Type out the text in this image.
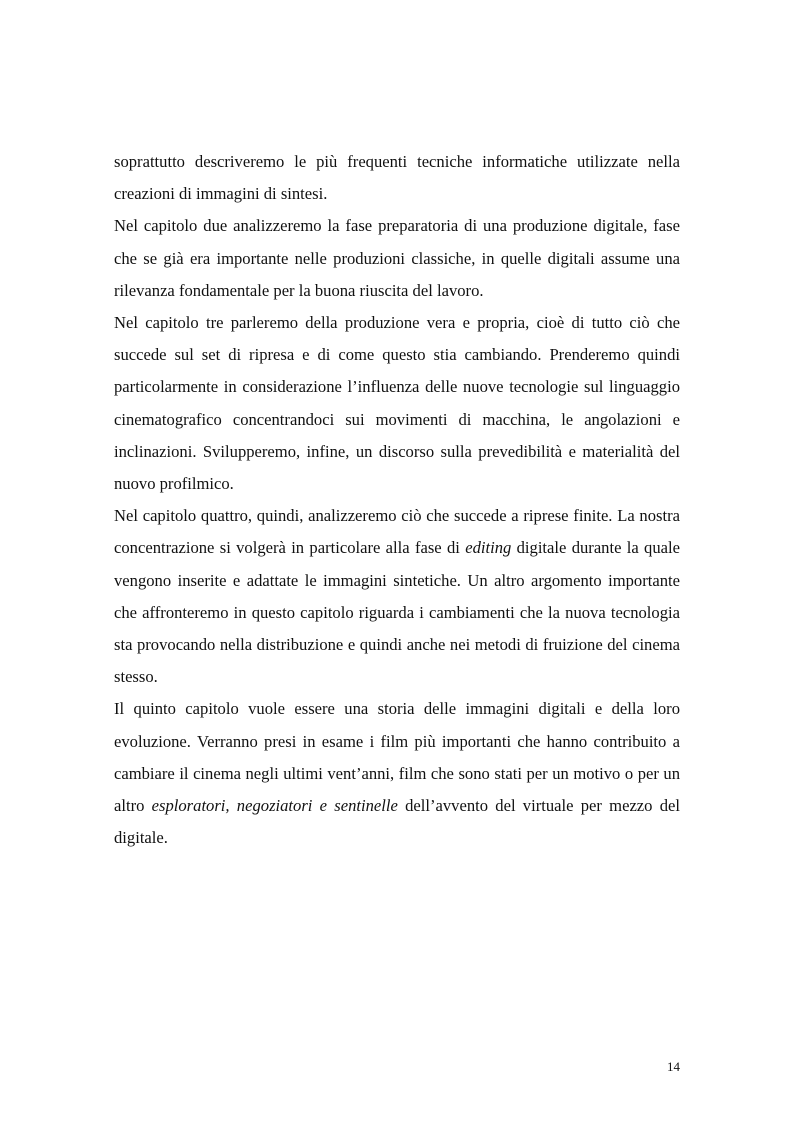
soprattutto descriveremo le più frequenti tecniche informatiche utilizzate nella creazioni di immagini di sintesi.

Nel capitolo due analizzeremo la fase preparatoria di una produzione digitale, fase che se già era importante nelle produzioni classiche, in quelle digitali assume una rilevanza fondamentale per la buona riuscita del lavoro.

Nel capitolo tre parleremo della produzione vera e propria, cioè di tutto ciò che succede sul set di ripresa e di come questo stia cambiando. Prenderemo quindi particolarmente in considerazione l’influenza delle nuove tecnologie sul linguaggio cinematografico concentrandoci sui movimenti di macchina, le angolazioni e inclinazioni. Svilupperemo, infine, un discorso sulla prevedibilità e materialità del nuovo profilmico.

Nel capitolo quattro, quindi, analizzeremo ciò che succede a riprese finite. La nostra concentrazione si volgerà in particolare alla fase di editing digitale durante la quale vengono inserite e adattate le immagini sintetiche. Un altro argomento importante che affronteremo in questo capitolo riguarda i cambiamenti che la nuova tecnologia sta provocando nella distribuzione e quindi anche nei metodi di fruizione del cinema stesso.

Il quinto capitolo vuole essere una storia delle immagini digitali e della loro evoluzione. Verranno presi in esame i film più importanti che hanno contribuito a cambiare il cinema negli ultimi vent’anni, film che sono stati per un motivo o per un altro esploratori, negoziatori e sentinelle dell’avvento del virtuale per mezzo del digitale.

14
